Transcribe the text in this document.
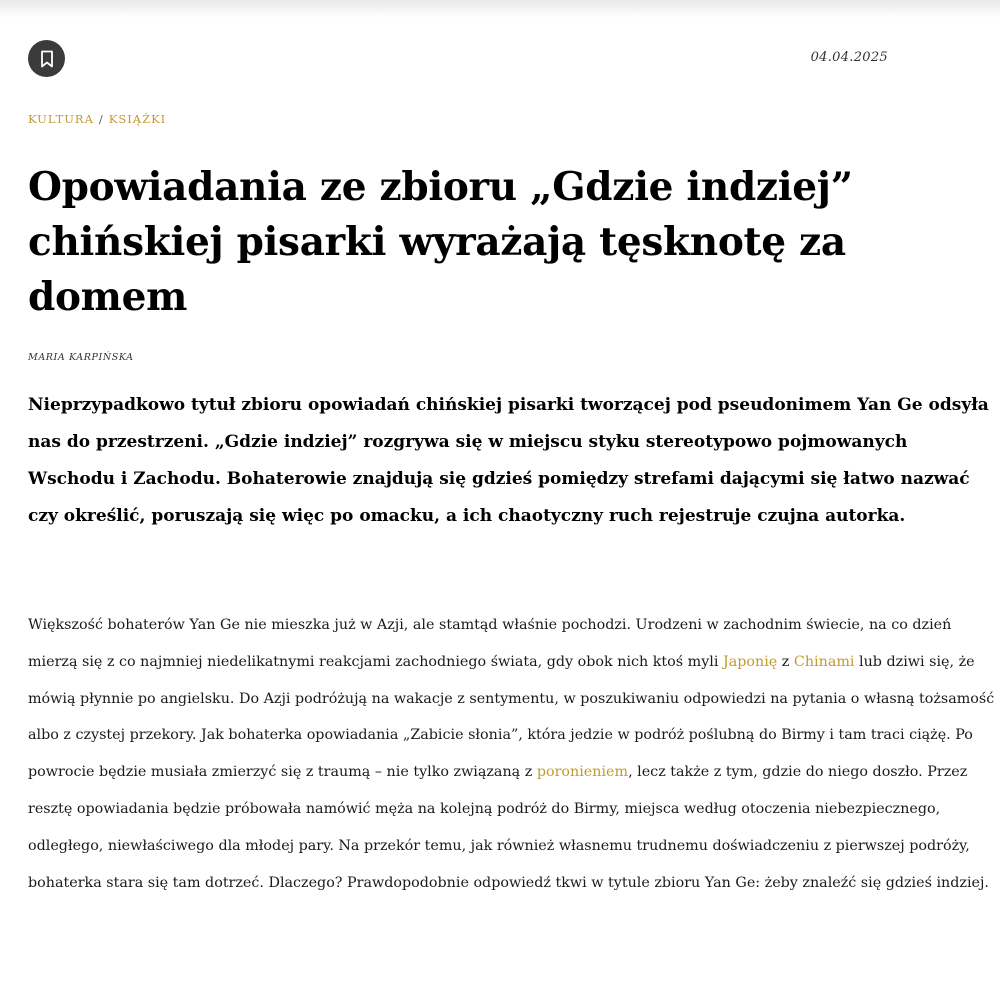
04.04.2025
KULTURA / KSIĄŻKI
Opowiadania ze zbioru „Gdzie indziej” chińskiej pisarki wyrażają tęsknotę za domem
MARIA KARPIŃSKA

Nieprzypadkowo tytuł zbioru opowiadań chińskiej pisarki tworzącej pod pseudonimem Yan Ge odsyła nas do przestrzeni. „Gdzie indziej” rozgrywa się w miejscu styku stereotypowo pojmowanych Wschodu i Zachodu. Bohaterowie znajdują się gdzieś pomiędzy strefami dającymi się łatwo nazwać czy określić, poruszają się więc po omacku, a ich chaotyczny ruch rejestruje czujna autorka.

Większość bohaterów Yan Ge nie mieszka już w Azji, ale stamtąd właśnie pochodzi. Urodzeni w zachodnim świecie, na co dzień mierzą się z co najmniej niedelikatnymi reakcjami zachodniego świata, gdy obok nich ktoś myli Japonię z Chinami lub dziwi się, że mówią płynnie po angielsku. Do Azji podróżują na wakacje z sentymentu, w poszukiwaniu odpowiedzi na pytania o własną tożsamość albo z czystej przekory. Jak bohaterka opowiadania „Zabicie słonia”, która jedzie w podróż poślubną do Birmy i tam traci ciążę. Po powrocie będzie musiała zmierzyć się z traumą – nie tylko związaną z poronieniem, lecz także z tym, gdzie do niego doszło. Przez resztę opowiadania będzie próbowała namówić męża na kolejną podróż do Birmy, miejsca według otoczenia niebezpiecznego, odległego, niewłaściwego dla młodej pary. Na przekór temu, jak również własnemu trudnemu doświadczeniu z pierwszej podróży, bohaterka stara się tam dotrzeć. Dlaczego? Prawdopodobnie odpowiedź tkwi w tytule zbioru Yan Ge: żeby znaleźć się gdzieś indziej.
